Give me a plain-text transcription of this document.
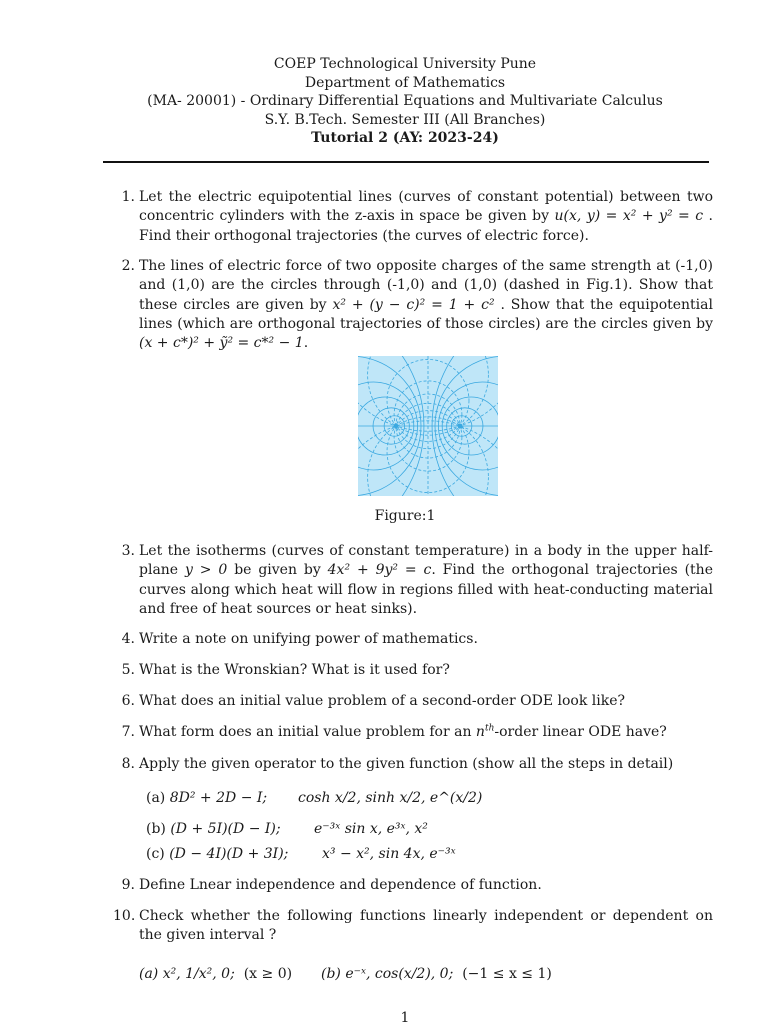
COEP Technological University Pune
Department of Mathematics
(MA- 20001) - Ordinary Differential Equations and Multivariate Calculus
S.Y. B.Tech. Semester III (All Branches)
Tutorial 2 (AY: 2023-24)
1. Let the electric equipotential lines (curves of constant potential) between two concentric cylinders with the z-axis in space be given by u(x, y) = x² + y² = c . Find their orthogonal trajectories (the curves of electric force).
2. The lines of electric force of two opposite charges of the same strength at (-1,0) and (1,0) are the circles through (-1,0) and (1,0) (dashed in Fig.1). Show that these circles are given by x² + (y − c)² = 1 + c² . Show that the equipotential lines (which are orthogonal trajectories of those circles) are the circles given by (x + c*)² + ỹ² = c*² − 1.
Figure:1
3. Let the isotherms (curves of constant temperature) in a body in the upper half-plane y > 0 be given by 4x² + 9y² = c. Find the orthogonal trajectories (the curves along which heat will flow in regions filled with heat-conducting material and free of heat sources or heat sinks).
4. Write a note on unifying power of mathematics.
5. What is the Wronskian? What is it used for?
6. What does an initial value problem of a second-order ODE look like?
7. What form does an initial value problem for an $n^{th}$-order linear ODE have?
8. Apply the given operator to the given function (show all the steps in detail)
(a) 8D² + 2D − I; cosh x/2, sinh x/2, e^(x/2)
(b) (D + 5I)(D − I); e⁻³ˣ sin x, e³ˣ, x²
(c) (D − 4I)(D + 3I); x³ − x², sin 4x, e⁻³ˣ
9. Define Lnear independence and dependence of function.
10. Check whether the following functions linearly independent or dependent on the given interval ?
(a) x², 1/x², 0; (x ≥ 0) (b) e⁻ˣ, cos(x/2), 0; (−1 ≤ x ≤ 1)
1
